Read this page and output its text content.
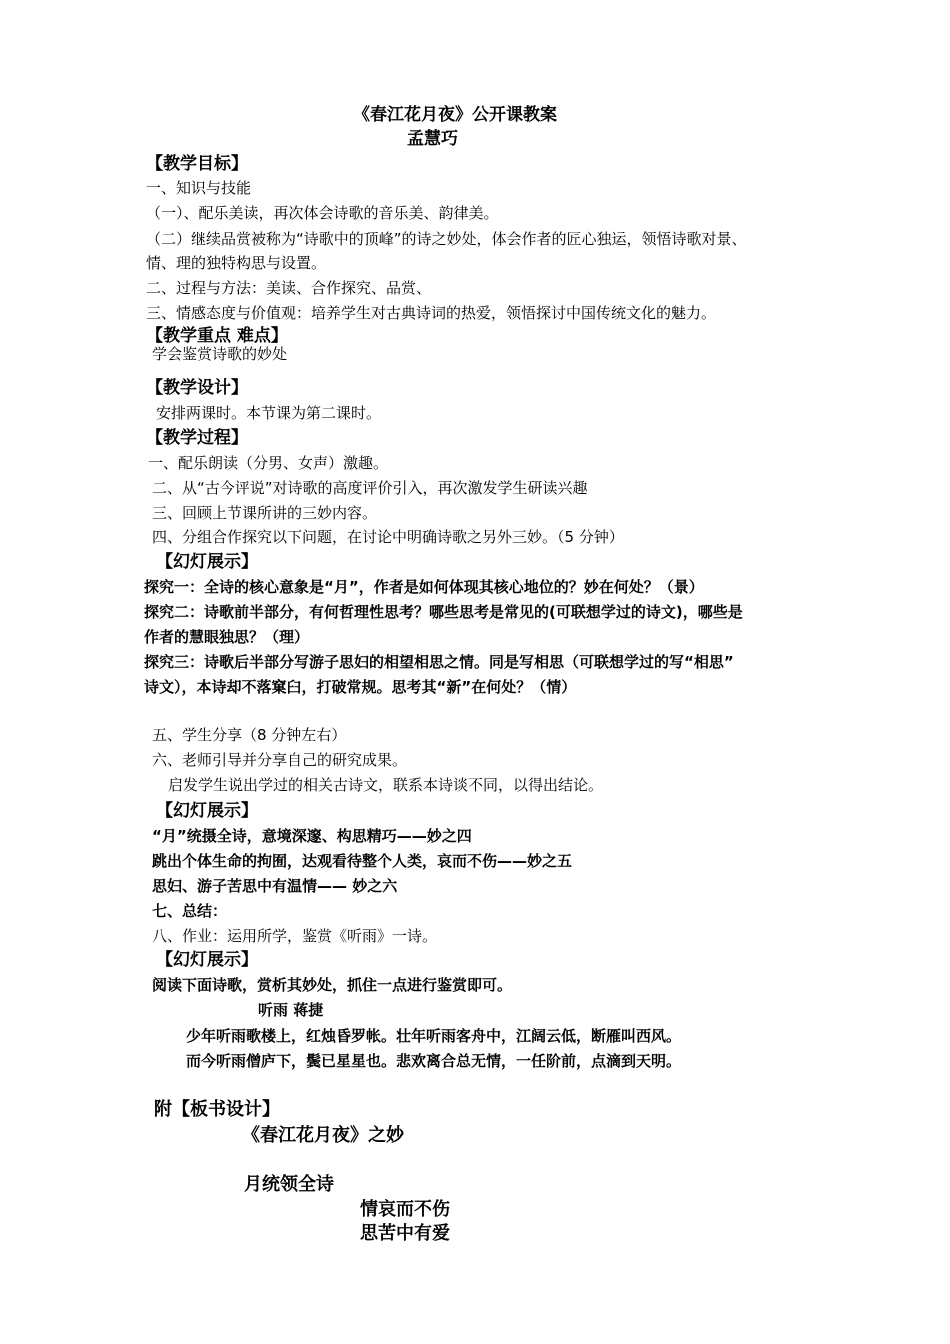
《春江花月夜》公开课教案
孟慧巧
【教学目标】
一、知识与技能
（一）、配乐美读，再次体会诗歌的音乐美、韵律美。
（二）继续品赏被称为“诗歌中的顶峰”的诗之妙处，体会作者的匠心独运，领悟诗歌对景、
情、理的独特构思与设置。
二、过程与方法：美读、合作探究、品赏、
三、情感态度与价值观：培养学生对古典诗词的热爱，领悟探讨中国传统文化的魅力。
【教学重点 难点】
学会鉴赏诗歌的妙处
【教学设计】
安排两课时。本节课为第二课时。
【教学过程】
一、配乐朗读（分男、女声）激趣。
二、从“古今评说”对诗歌的高度评价引入，再次激发学生研读兴趣
三、回顾上节课所讲的三妙内容。
四、分组合作探究以下问题，在讨论中明确诗歌之另外三妙。（5 分钟）
【幻灯展示】
探究一：全诗的核心意象是“月”，作者是如何体现其核心地位的？妙在何处？（景）
探究二：诗歌前半部分，有何哲理性思考？哪些思考是常见的(可联想学过的诗文)，哪些是
作者的慧眼独思？（理）
探究三：诗歌后半部分写游子思妇的相望相思之情。同是写相思（可联想学过的写“相思”
诗文），本诗却不落窠臼，打破常规。思考其“新”在何处？（情）
五、学生分享（8 分钟左右）
六、老师引导并分享自己的研究成果。
启发学生说出学过的相关古诗文，联系本诗谈不同，以得出结论。
【幻灯展示】
“月”统摄全诗，意境深邃、构思精巧——妙之四
跳出个体生命的拘囿，达观看待整个人类，哀而不伤——妙之五
思妇、游子苦思中有温情—— 妙之六
七、总结：
八、作业：运用所学，鉴赏《听雨》一诗。
【幻灯展示】
阅读下面诗歌，赏析其妙处，抓住一点进行鉴赏即可。
听雨 蒋捷
少年听雨歌楼上，红烛昏罗帐。壮年听雨客舟中，江阔云低，断雁叫西风。
而今听雨僧庐下，鬓已星星也。悲欢离合总无情，一任阶前，点滴到天明。
附【板书设计】
《春江花月夜》之妙
月统领全诗
情哀而不伤
思苦中有爱
